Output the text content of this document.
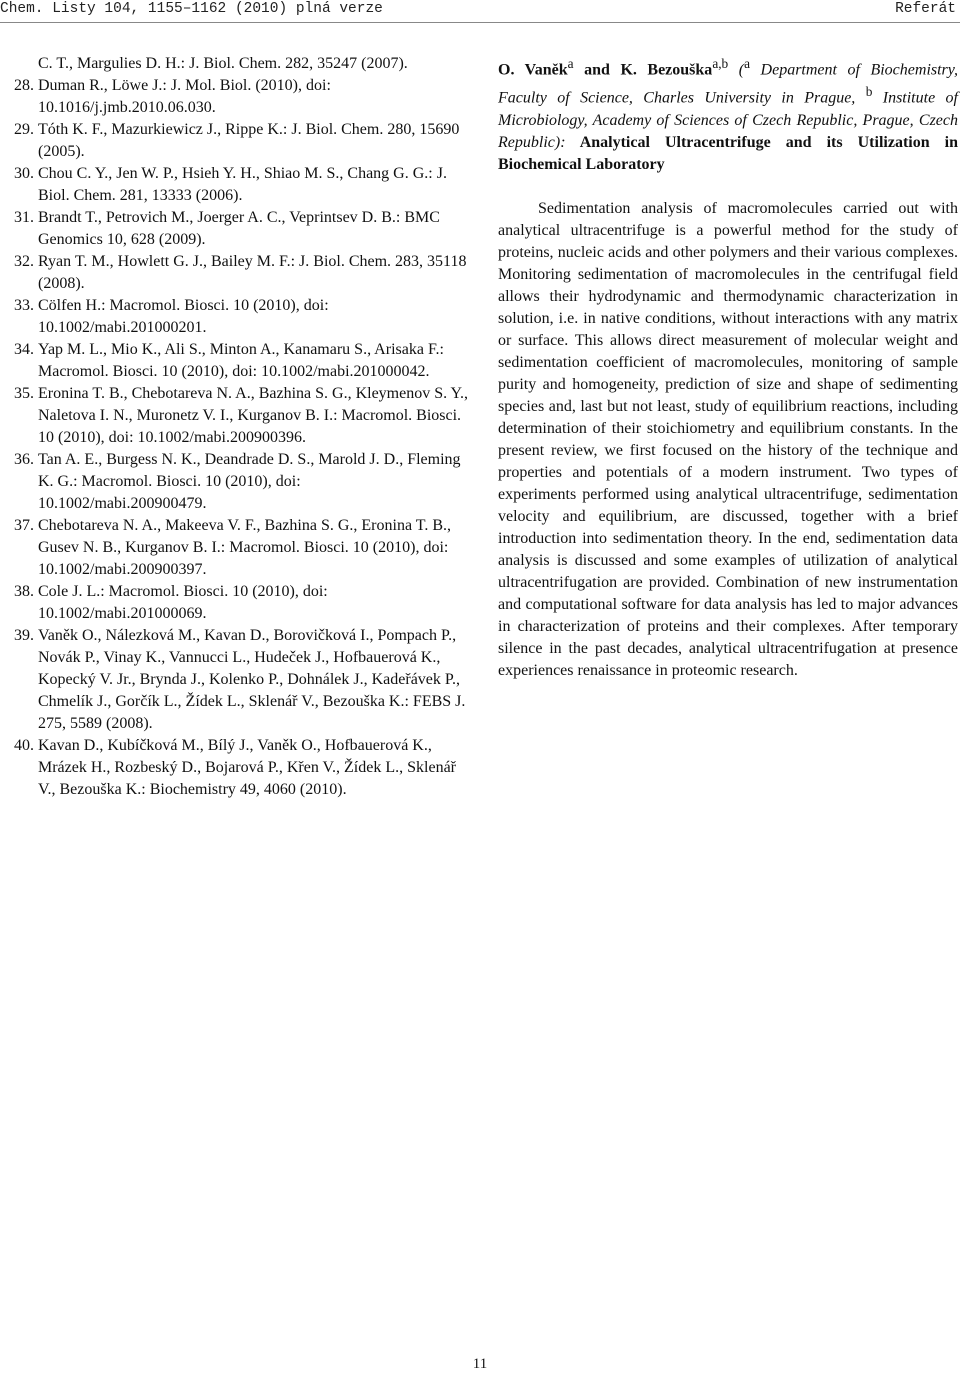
Chem. Listy 104, 1155–1162 (2010) plná verze	Referát
C. T., Margulies D. H.: J. Biol. Chem. 282, 35247 (2007).
28. Duman R., Löwe J.: J. Mol. Biol. (2010), doi: 10.1016/j.jmb.2010.06.030.
29. Tóth K. F., Mazurkiewicz J., Rippe K.: J. Biol. Chem. 280, 15690 (2005).
30. Chou C. Y., Jen W. P., Hsieh Y. H., Shiao M. S., Chang G. G.: J. Biol. Chem. 281, 13333 (2006).
31. Brandt T., Petrovich M., Joerger A. C., Veprintsev D. B.: BMC Genomics 10, 628 (2009).
32. Ryan T. M., Howlett G. J., Bailey M. F.: J. Biol. Chem. 283, 35118 (2008).
33. Cölfen H.: Macromol. Biosci. 10 (2010), doi: 10.1002/mabi.201000201.
34. Yap M. L., Mio K., Ali S., Minton A., Kanamaru S., Arisaka F.: Macromol. Biosci. 10 (2010), doi: 10.1002/mabi.201000042.
35. Eronina T. B., Chebotareva N. A., Bazhina S. G., Kleymenov S. Y., Naletova I. N., Muronetz V. I., Kurganov B. I.: Macromol. Biosci. 10 (2010), doi: 10.1002/mabi.200900396.
36. Tan A. E., Burgess N. K., Deandrade D. S., Marold J. D., Fleming K. G.: Macromol. Biosci. 10 (2010), doi: 10.1002/mabi.200900479.
37. Chebotareva N. A., Makeeva V. F., Bazhina S. G., Eronina T. B., Gusev N. B., Kurganov B. I.: Macromol. Biosci. 10 (2010), doi: 10.1002/mabi.200900397.
38. Cole J. L.: Macromol. Biosci. 10 (2010), doi: 10.1002/mabi.201000069.
39. Vaněk O., Nálezková M., Kavan D., Borovičková I., Pompach P., Novák P., Vinay K., Vannucci L., Hudeček J., Hofbauerová K., Kopecký V. Jr., Brynda J., Kolenko P., Dohnálek J., Kadeřávek P., Chmelík J., Gorčík L., Žídek L., Sklenář V., Bezouška K.: FEBS J. 275, 5589 (2008).
40. Kavan D., Kubíčková M., Bílý J., Vaněk O., Hofbauerová K., Mrázek H., Rozbeský D., Bojarová P., Křen V., Žídek L., Sklenář V., Bezouška K.: Biochemistry 49, 4060 (2010).
O. Vaněk$^a$ and K. Bezouška$^{a,b}$ ($^a$ Department of Biochemistry, Faculty of Science, Charles University in Prague, $^b$ Institute of Microbiology, Academy of Sciences of Czech Republic, Prague, Czech Republic): Analytical Ultracentrifuge and its Utilization in Biochemical Laboratory
Sedimentation analysis of macromolecules carried out with analytical ultracentrifuge is a powerful method for the study of proteins, nucleic acids and other polymers and their various complexes. Monitoring sedimentation of macromolecules in the centrifugal field allows their hydrodynamic and thermodynamic characterization in solution, i.e. in native conditions, without interactions with any matrix or surface. This allows direct measurement of molecular weight and sedimentation coefficient of macromolecules, monitoring of sample purity and homogeneity, prediction of size and shape of sedimenting species and, last but not least, study of equilibrium reactions, including determination of their stoichiometry and equilibrium constants. In the present review, we first focused on the history of the technique and properties and potentials of a modern instrument. Two types of experiments performed using analytical ultracentrifuge, sedimentation velocity and equilibrium, are discussed, together with a brief introduction into sedimentation theory. In the end, sedimentation data analysis is discussed and some examples of utilization of analytical ultracentrifugation are provided. Combination of new instrumentation and computational software for data analysis has led to major advances in characterization of proteins and their complexes. After temporary silence in the past decades, analytical ultracentrifugation at presence experiences renaissance in proteomic research.
11
